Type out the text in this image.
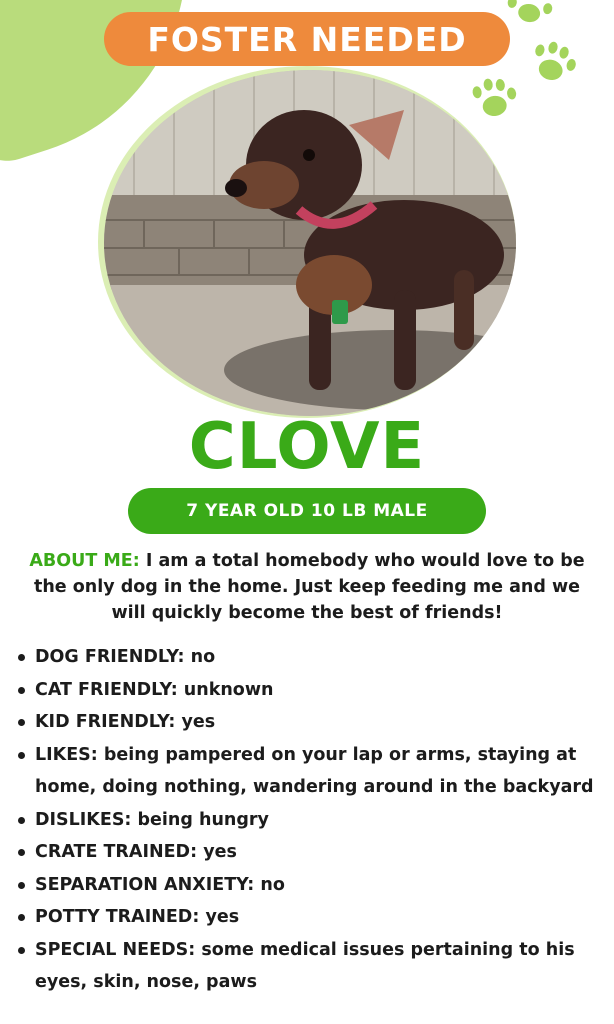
FOSTER NEEDED
CLOVE
7 YEAR OLD 10 LB MALE
ABOUT ME: I am a total homebody who would love to be the only dog in the home. Just keep feeding me and we will quickly become the best of friends!
DOG FRIENDLY: no
CAT FRIENDLY: unknown
KID FRIENDLY: yes
LIKES: being pampered on your lap or arms, staying at home, doing nothing, wandering around in the backyard
DISLIKES: being hungry
CRATE TRAINED: yes
SEPARATION ANXIETY: no
POTTY TRAINED: yes
SPECIAL NEEDS: some medical issues pertaining to his eyes, skin, nose, paws
